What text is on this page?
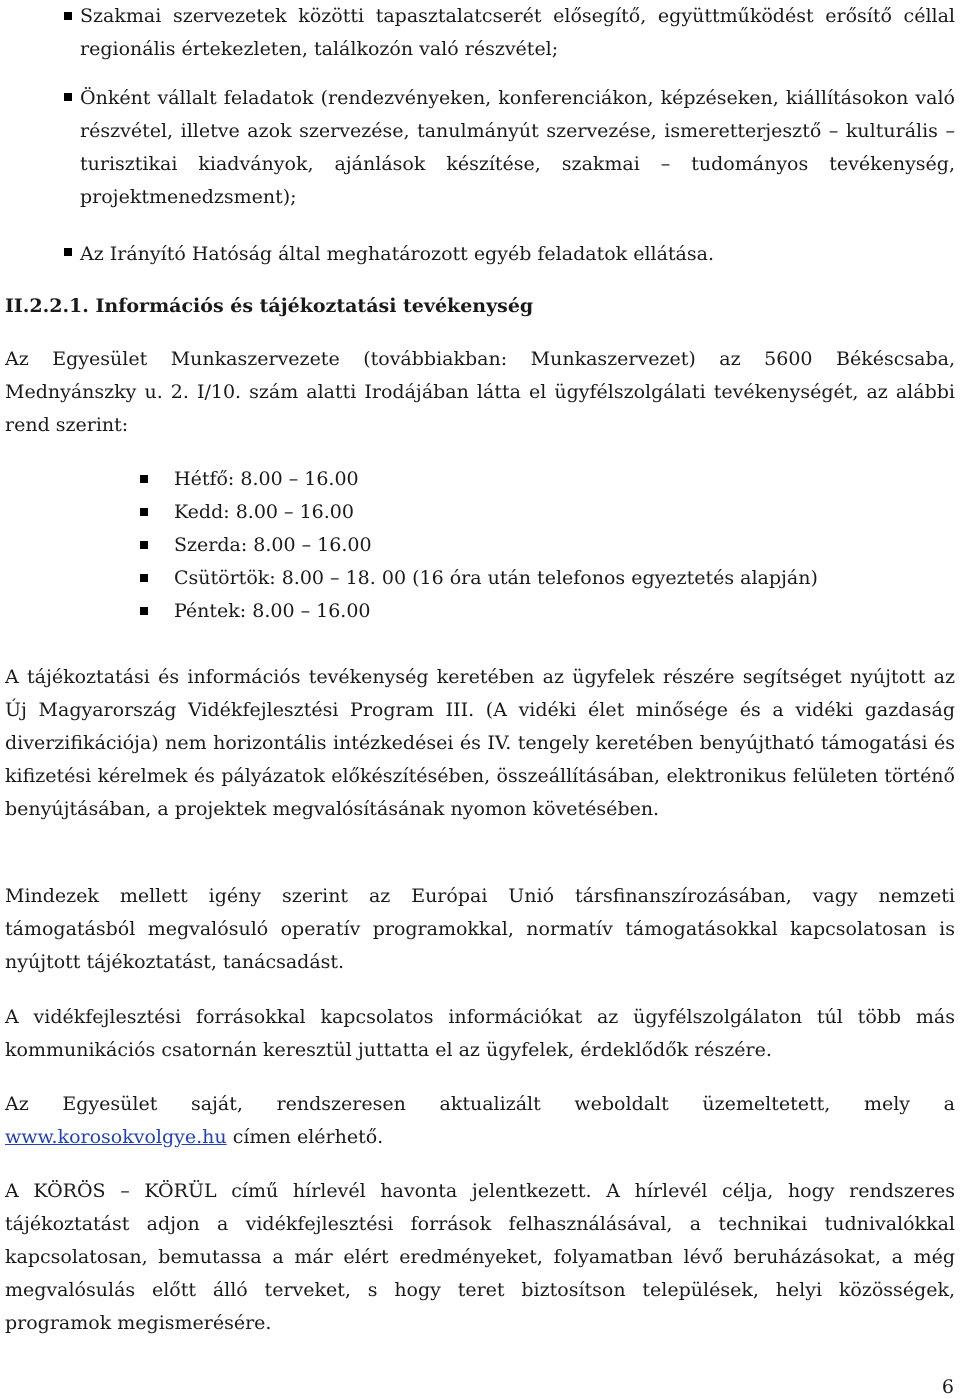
Szakmai szervezetek közötti tapasztalatcserét elősegítő, együttműködést erősítő céllal regionális értekezleten, találkozón való részvétel;
Önként vállalt feladatok (rendezvényeken, konferenciákon, képzéseken, kiállításokon való részvétel, illetve azok szervezése, tanulmányút szervezése, ismeretterjesztő – kulturális – turisztikai kiadványok, ajánlások készítése, szakmai – tudományos tevékenység, projektmenedzsment);
Az Irányító Hatóság által meghatározott egyéb feladatok ellátása.
II.2.2.1. Információs és tájékoztatási tevékenység
Az Egyesület Munkaszervezete (továbbiakban: Munkaszervezet) az 5600 Békéscsaba, Mednyánszky u. 2. I/10. szám alatti Irodájában látta el ügyfélszolgálati tevékenységét, az alábbi rend szerint:
Hétfő: 8.00 – 16.00
Kedd: 8.00 – 16.00
Szerda: 8.00 – 16.00
Csütörtök: 8.00 – 18. 00 (16 óra után telefonos egyeztetés alapján)
Péntek: 8.00 – 16.00
A tájékoztatási és információs tevékenység keretében az ügyfelek részére segítséget nyújtott az Új Magyarország Vidékfejlesztési Program III. (A vidéki élet minősége és a vidéki gazdaság diverzifikációja) nem horizontális intézkedései és IV. tengely keretében benyújtható támogatási és kifizetési kérelmek és pályázatok előkészítésében, összeállításában, elektronikus felületen történő benyújtásában, a projektek megvalósításának nyomon követésében.
Mindezek mellett igény szerint az Európai Unió társfinanszírozásában, vagy nemzeti támogatásból megvalósuló operatív programokkal, normatív támogatásokkal kapcsolatosan is nyújtott tájékoztatást, tanácsadást.
A vidékfejlesztési forrásokkal kapcsolatos információkat az ügyfélszolgálaton túl több más kommunikációs csatornán keresztül juttatta el az ügyfelek, érdeklődők részére.
Az Egyesület saját, rendszeresen aktualizált weboldalt üzemeltetett, mely a www.korosokvolgye.hu címen elérhető.
A KÖRÖS – KÖRÜL című hírlevél havonta jelentkezett. A hírlevél célja, hogy rendszeres tájékoztatást adjon a vidékfejlesztési források felhasználásával, a technikai tudnivalókkal kapcsolatosan, bemutassa a már elért eredményeket, folyamatban lévő beruházásokat, a még megvalósulás előtt álló terveket, s hogy teret biztosítson települések, helyi közösségek, programok megismerésére.
6
